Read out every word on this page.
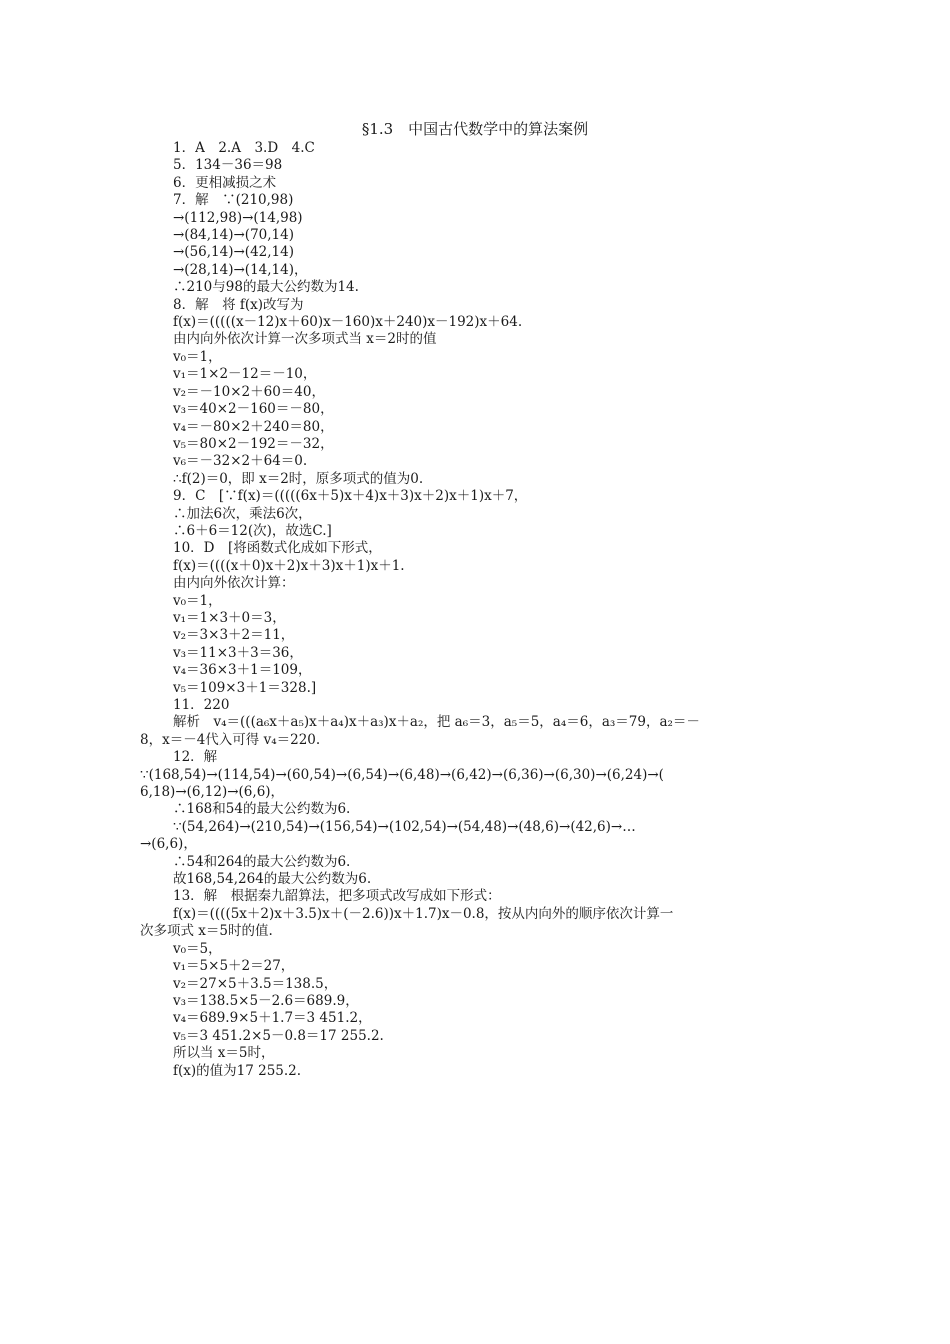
§1.3　中国古代数学中的算法案例
1．A　2.A　3.D　4.C
5．134－36＝98
6．更相减损之术
7．解　∵(210,98)
→(112,98)→(14,98)
→(84,14)→(70,14)
→(56,14)→(42,14)
→(28,14)→(14,14)，
∴210与98的最大公约数为14.
8．解　将 f(x)改写为
f(x)＝(((((x－12)x＋60)x－160)x＋240)x－192)x＋64.
由内向外依次计算一次多项式当 x＝2时的值
v₀＝1，
v₁＝1×2－12＝－10，
v₂＝－10×2＋60＝40，
v₃＝40×2－160＝－80，
v₄＝－80×2＋240＝80，
v₅＝80×2－192＝－32，
v₆＝－32×2＋64＝0.
∴f(2)＝0，即 x＝2时，原多项式的值为0.
9．C　[∵f(x)＝(((((6x＋5)x＋4)x＋3)x＋2)x＋1)x＋7，
∴加法6次，乘法6次，
∴6＋6＝12(次)，故选C.]
10．D　[将函数式化成如下形式，
f(x)＝((((x＋0)x＋2)x＋3)x＋1)x＋1.
由内向外依次计算：
v₀＝1，
v₁＝1×3＋0＝3，
v₂＝3×3＋2＝11，
v₃＝11×3＋3＝36，
v₄＝36×3＋1＝109，
v₅＝109×3＋1＝328.]
11．220
解析　v₄＝(((a₆x＋a₅)x＋a₄)x＋a₃)x＋a₂，把 a₆＝3，a₅＝5，a₄＝6，a₃＝79，a₂＝－
8，x＝－4代入可得 v₄＝220.
12．解
∵(168,54)→(114,54)→(60,54)→(6,54)→(6,48)→(6,42)→(6,36)→(6,30)→(6,24)→(
6,18)→(6,12)→(6,6)，
∴168和54的最大公约数为6.
∵(54,264)→(210,54)→(156,54)→(102,54)→(54,48)→(48,6)→(42,6)→…
→(6,6)，
∴54和264的最大公约数为6.
故168,54,264的最大公约数为6.
13．解　根据秦九韶算法，把多项式改写成如下形式：
f(x)＝((((5x＋2)x＋3.5)x＋(－2.6))x＋1.7)x－0.8，按从内向外的顺序依次计算一
次多项式 x＝5时的值.
v₀＝5，
v₁＝5×5＋2＝27，
v₂＝27×5＋3.5＝138.5，
v₃＝138.5×5－2.6＝689.9，
v₄＝689.9×5＋1.7＝3 451.2，
v₅＝3 451.2×5－0.8＝17 255.2.
所以当 x＝5时，
f(x)的值为17 255.2.
